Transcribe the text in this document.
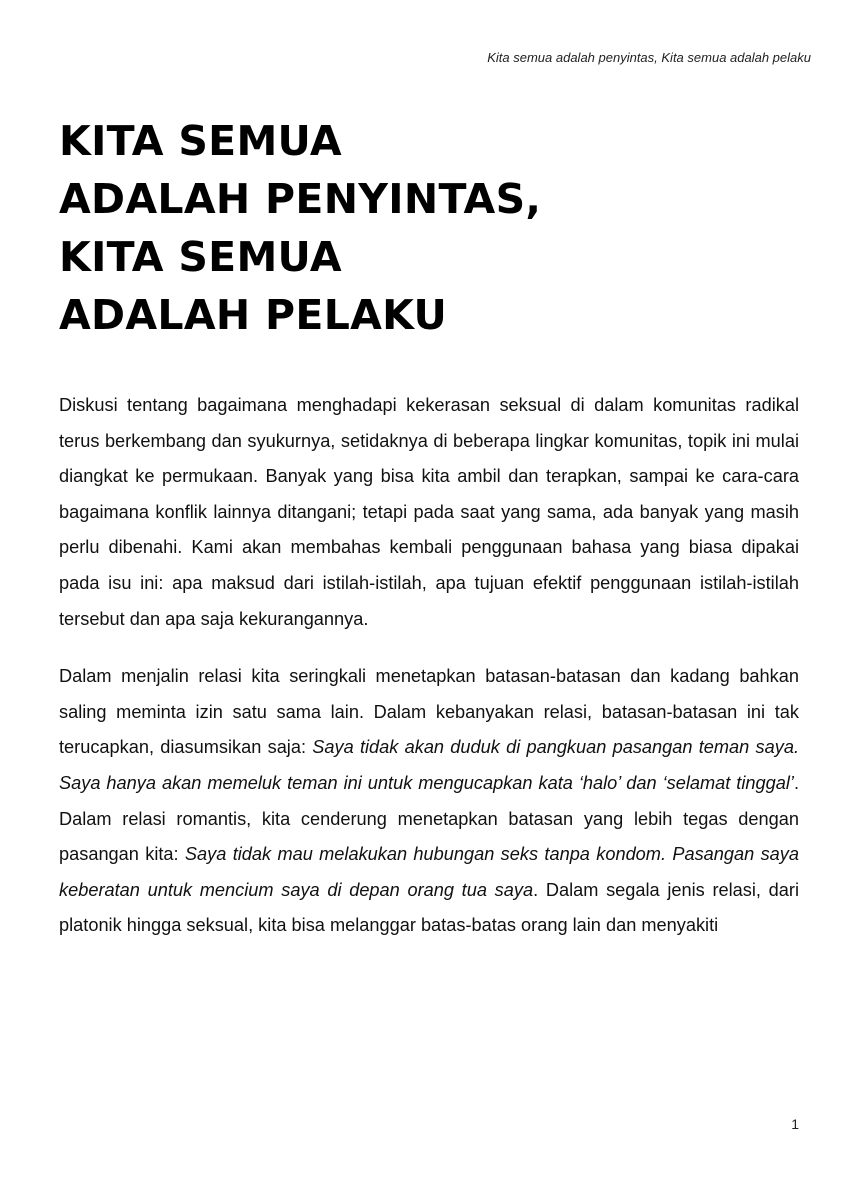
Kita semua adalah penyintas, Kita semua adalah pelaku
KITA SEMUA
ADALAH PENYINTAS,
KITA SEMUA
ADALAH PELAKU

Diskusi tentang bagaimana menghadapi kekerasan seksual di dalam komunitas radikal terus berkembang dan syukurnya, setidaknya di beberapa lingkar komunitas, topik ini mulai diangkat ke permukaan. Banyak yang bisa kita ambil dan terapkan, sampai ke cara-cara bagaimana konflik lainnya ditangani; tetapi pada saat yang sama, ada banyak yang masih perlu dibenahi. Kami akan membahas kembali penggunaan bahasa yang biasa dipakai pada isu ini: apa maksud dari istilah-istilah, apa tujuan efektif penggunaan istilah-istilah tersebut dan apa saja kekurangannya.

Dalam menjalin relasi kita seringkali menetapkan batasan-batasan dan kadang bahkan saling meminta izin satu sama lain. Dalam kebanyakan relasi, batasan-batasan ini tak terucapkan, diasumsikan saja: Saya tidak akan duduk di pangkuan pasangan teman saya. Saya hanya akan memeluk teman ini untuk mengucapkan kata ‘halo’ dan ‘selamat tinggal’. Dalam relasi romantis, kita cenderung menetapkan batasan yang lebih tegas dengan pasangan kita: Saya tidak mau melakukan hubungan seks tanpa kondom. Pasangan saya keberatan untuk mencium saya di depan orang tua saya. Dalam segala jenis relasi, dari platonik hingga seksual, kita bisa melanggar batas-batas orang lain dan menyakiti

1
